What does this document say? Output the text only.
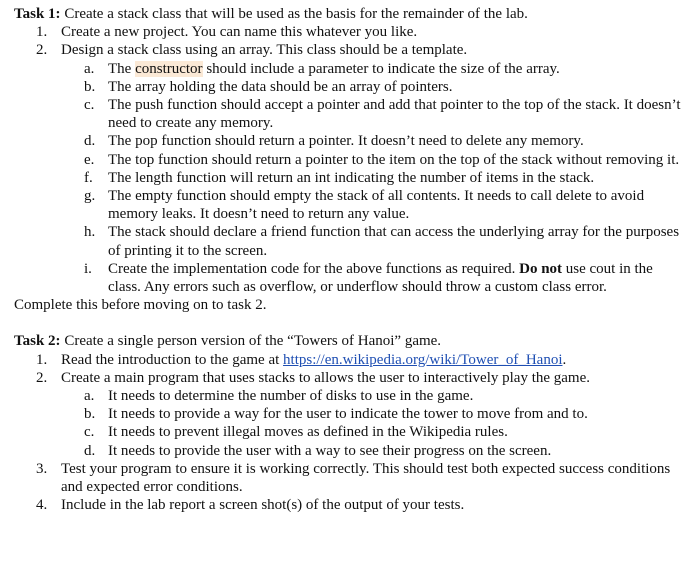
Task 1: Create a stack class that will be used as the basis for the remainder of the lab.
1. Create a new project. You can name this whatever you like.
2. Design a stack class using an array. This class should be a template.
a. The constructor should include a parameter to indicate the size of the array.
b. The array holding the data should be an array of pointers.
c. The push function should accept a pointer and add that pointer to the top of the stack. It doesn’t need to create any memory.
d. The pop function should return a pointer. It doesn’t need to delete any memory.
e. The top function should return a pointer to the item on the top of the stack without removing it.
f. The length function will return an int indicating the number of items in the stack.
g. The empty function should empty the stack of all contents. It needs to call delete to avoid memory leaks. It doesn’t need to return any value.
h. The stack should declare a friend function that can access the underlying array for the purposes of printing it to the screen.
i. Create the implementation code for the above functions as required. Do not use cout in the class. Any errors such as overflow, or underflow should throw a custom class error.
Complete this before moving on to task 2.
Task 2: Create a single person version of the “Towers of Hanoi” game.
1. Read the introduction to the game at https://en.wikipedia.org/wiki/Tower_of_Hanoi.
2. Create a main program that uses stacks to allows the user to interactively play the game.
a. It needs to determine the number of disks to use in the game.
b. It needs to provide a way for the user to indicate the tower to move from and to.
c. It needs to prevent illegal moves as defined in the Wikipedia rules.
d. It needs to provide the user with a way to see their progress on the screen.
3. Test your program to ensure it is working correctly. This should test both expected success conditions and expected error conditions.
4. Include in the lab report a screen shot(s) of the output of your tests.
